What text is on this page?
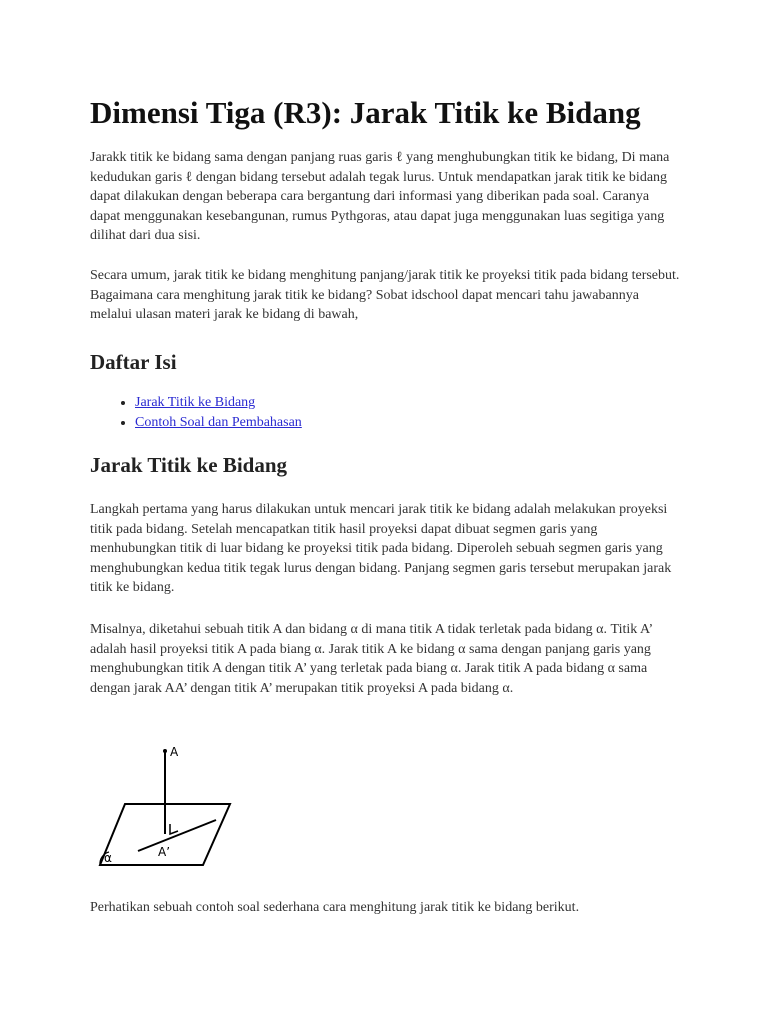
Dimensi Tiga (R3): Jarak Titik ke Bidang

Jarakk titik ke bidang sama dengan panjang ruas garis ℓ yang menghubungkan titik ke bidang, Di mana kedudukan garis ℓ dengan bidang tersebut adalah tegak lurus. Untuk mendapatkan jarak titik ke bidang dapat dilakukan dengan beberapa cara bergantung dari informasi yang diberikan pada soal. Caranya dapat menggunakan kesebangunan, rumus Pythgoras, atau dapat juga menggunakan luas segitiga yang dilihat dari dua sisi.

Secara umum, jarak titik ke bidang menghitung panjang/jarak titik ke proyeksi titik pada bidang tersebut. Bagaimana cara menghitung jarak titik ke bidang? Sobat idschool dapat mencari tahu jawabannya melalui ulasan materi jarak ke bidang di bawah,

Daftar Isi
• Jarak Titik ke Bidang
• Contoh Soal dan Pembahasan
Jarak Titik ke Bidang

Langkah pertama yang harus dilakukan untuk mencari jarak titik ke bidang adalah melakukan proyeksi titik pada bidang. Setelah mencapatkan titik hasil proyeksi dapat dibuat segmen garis yang menhubungkan titik di luar bidang ke proyeksi titik pada bidang. Diperoleh sebuah segmen garis yang menghubungkan kedua titik tegak lurus dengan bidang. Panjang segmen garis tersebut merupakan jarak titik ke bidang.

Misalnya, diketahui sebuah titik A dan bidang α di mana titik A tidak terletak pada bidang α. Titik A’ adalah hasil proyeksi titik A pada biang α. Jarak titik A ke bidang α sama dengan panjang garis yang menghubungkan titik A dengan titik A’ yang terletak pada biang α. Jarak titik A pada bidang α sama dengan jarak AA’ dengan titik A’ merupakan titik proyeksi A pada bidang α.

A
A’
α

Perhatikan sebuah contoh soal sederhana cara menghitung jarak titik ke bidang berikut.
